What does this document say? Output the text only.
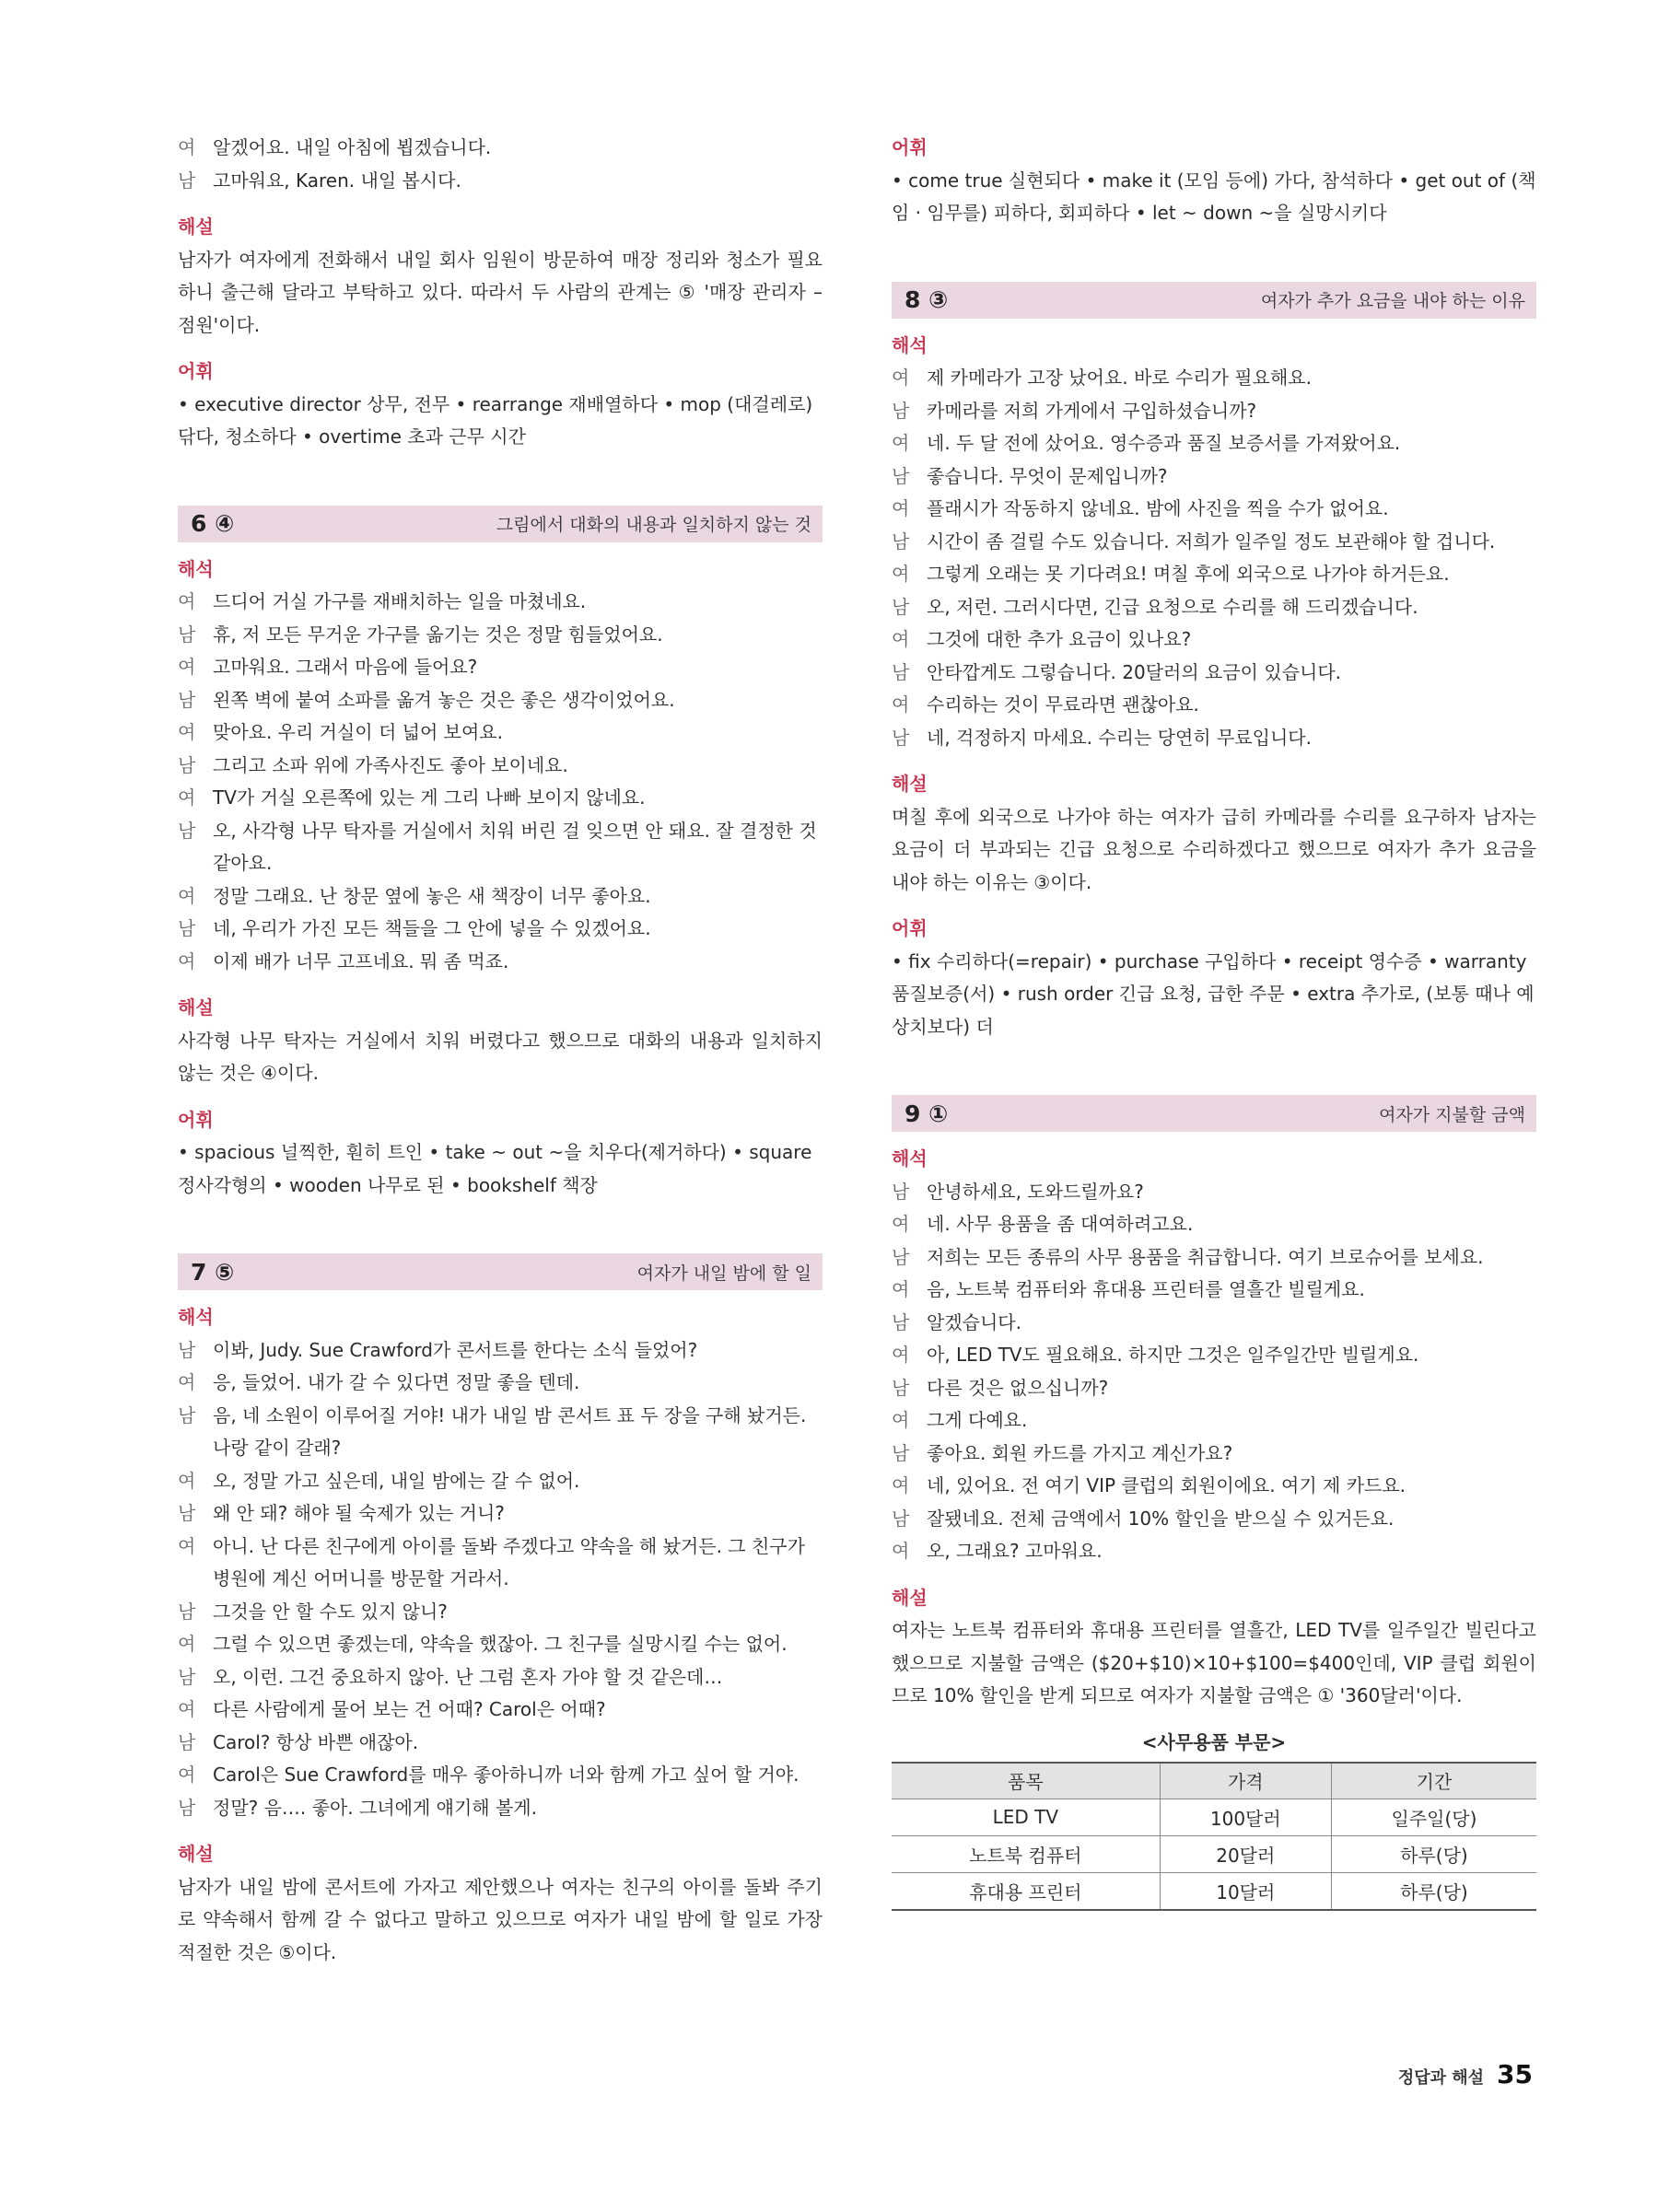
여 알겠어요. 내일 아침에 뵙겠습니다.
남 고마워요, Karen. 내일 봅시다.
해설
남자가 여자에게 전화해서 내일 회사 임원이 방문하여 매장 정리와 청소가 필요하니 출근해 달라고 부탁하고 있다. 따라서 두 사람의 관계는 ⑤ '매장 관리자 – 점원'이다.
어휘
• executive director 상무, 전무 • rearrange 재배열하다 • mop (대걸레로) 닦다, 청소하다 • overtime 초과 근무 시간
6 ④	그림에서 대화의 내용과 일치하지 않는 것
해석
여 드디어 거실 가구를 재배치하는 일을 마쳤네요.
남 휴, 저 모든 무거운 가구를 옮기는 것은 정말 힘들었어요.
여 고마워요. 그래서 마음에 들어요?
남 왼쪽 벽에 붙여 소파를 옮겨 놓은 것은 좋은 생각이었어요.
여 맞아요. 우리 거실이 더 넓어 보여요.
남 그리고 소파 위에 가족사진도 좋아 보이네요.
여 TV가 거실 오른쪽에 있는 게 그리 나빠 보이지 않네요.
남 오, 사각형 나무 탁자를 거실에서 치워 버린 걸 잊으면 안 돼요. 잘 결정한 것 같아요.
여 정말 그래요. 난 창문 옆에 놓은 새 책장이 너무 좋아요.
남 네, 우리가 가진 모든 책들을 그 안에 넣을 수 있겠어요.
여 이제 배가 너무 고프네요. 뭐 좀 먹죠.
해설
사각형 나무 탁자는 거실에서 치워 버렸다고 했으므로 대화의 내용과 일치하지 않는 것은 ④이다.
어휘
• spacious 널찍한, 훤히 트인 • take ~ out ~을 치우다(제거하다) • square 정사각형의 • wooden 나무로 된 • bookshelf 책장
7 ⑤	여자가 내일 밤에 할 일
해석
남 이봐, Judy. Sue Crawford가 콘서트를 한다는 소식 들었어?
여 응, 들었어. 내가 갈 수 있다면 정말 좋을 텐데.
남 음, 네 소원이 이루어질 거야! 내가 내일 밤 콘서트 표 두 장을 구해 놨거든. 나랑 같이 갈래?
여 오, 정말 가고 싶은데, 내일 밤에는 갈 수 없어.
남 왜 안 돼? 해야 될 숙제가 있는 거니?
여 아니. 난 다른 친구에게 아이를 돌봐 주겠다고 약속을 해 놨거든. 그 친구가 병원에 계신 어머니를 방문할 거라서.
남 그것을 안 할 수도 있지 않니?
여 그럴 수 있으면 좋겠는데, 약속을 했잖아. 그 친구를 실망시킬 수는 없어.
남 오, 이런. 그건 중요하지 않아. 난 그럼 혼자 가야 할 것 같은데…
여 다른 사람에게 물어 보는 건 어때? Carol은 어때?
남 Carol? 항상 바쁜 애잖아.
여 Carol은 Sue Crawford를 매우 좋아하니까 너와 함께 가고 싶어 할 거야.
남 정말? 음…. 좋아. 그녀에게 얘기해 볼게.
해설
남자가 내일 밤에 콘서트에 가자고 제안했으나 여자는 친구의 아이를 돌봐 주기로 약속해서 함께 갈 수 없다고 말하고 있으므로 여자가 내일 밤에 할 일로 가장 적절한 것은 ⑤이다.
어휘
• come true 실현되다 • make it (모임 등에) 가다, 참석하다 • get out of (책임 · 임무를) 피하다, 회피하다 • let ~ down ~을 실망시키다
8 ③	여자가 추가 요금을 내야 하는 이유
해석
여 제 카메라가 고장 났어요. 바로 수리가 필요해요.
남 카메라를 저희 가게에서 구입하셨습니까?
여 네. 두 달 전에 샀어요. 영수증과 품질 보증서를 가져왔어요.
남 좋습니다. 무엇이 문제입니까?
여 플래시가 작동하지 않네요. 밤에 사진을 찍을 수가 없어요.
남 시간이 좀 걸릴 수도 있습니다. 저희가 일주일 정도 보관해야 할 겁니다.
여 그렇게 오래는 못 기다려요! 며칠 후에 외국으로 나가야 하거든요.
남 오, 저런. 그러시다면, 긴급 요청으로 수리를 해 드리겠습니다.
여 그것에 대한 추가 요금이 있나요?
남 안타깝게도 그렇습니다. 20달러의 요금이 있습니다.
여 수리하는 것이 무료라면 괜찮아요.
남 네, 걱정하지 마세요. 수리는 당연히 무료입니다.
해설
며칠 후에 외국으로 나가야 하는 여자가 급히 카메라를 수리를 요구하자 남자는 요금이 더 부과되는 긴급 요청으로 수리하겠다고 했으므로 여자가 추가 요금을 내야 하는 이유는 ③이다.
어휘
• fix 수리하다(=repair) • purchase 구입하다 • receipt 영수증 • warranty 품질보증(서) • rush order 긴급 요청, 급한 주문 • extra 추가로, (보통 때나 예상치보다) 더
9 ①	여자가 지불할 금액
해석
남 안녕하세요, 도와드릴까요?
여 네. 사무 용품을 좀 대여하려고요.
남 저희는 모든 종류의 사무 용품을 취급합니다. 여기 브로슈어를 보세요.
여 음, 노트북 컴퓨터와 휴대용 프린터를 열흘간 빌릴게요.
남 알겠습니다.
여 아, LED TV도 필요해요. 하지만 그것은 일주일간만 빌릴게요.
남 다른 것은 없으십니까?
여 그게 다예요.
남 좋아요. 회원 카드를 가지고 계신가요?
여 네, 있어요. 전 여기 VIP 클럽의 회원이에요. 여기 제 카드요.
남 잘됐네요. 전체 금액에서 10% 할인을 받으실 수 있거든요.
여 오, 그래요? 고마워요.
해설
여자는 노트북 컴퓨터와 휴대용 프린터를 열흘간, LED TV를 일주일간 빌린다고 했으므로 지불할 금액은 ($20+$10)×10+$100=$400인데, VIP 클럽 회원이므로 10% 할인을 받게 되므로 여자가 지불할 금액은 ① '360달러'이다.
<사무용품 부문>
품목	가격	기간
LED TV	100달러	일주일(당)
노트북 컴퓨터	20달러	하루(당)
휴대용 프린터	10달러	하루(당)
정답과 해설 35
